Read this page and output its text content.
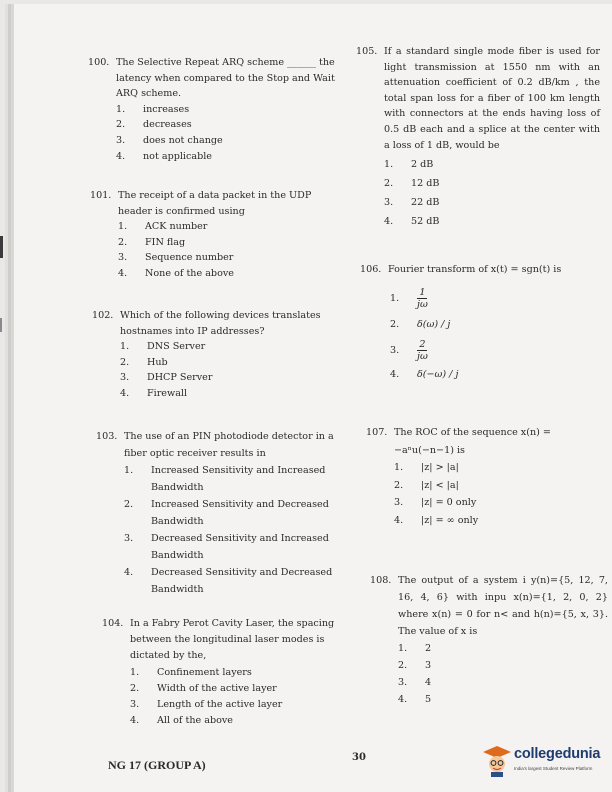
100. The Selective Repeat ARQ scheme ______ the latency when compared to the Stop and Wait ARQ scheme.
1.	increases
2.	decreases
3.	does not change
4.	not applicable
101. The receipt of a data packet in the UDP header is confirmed using
1.	ACK number
2.	FIN flag
3.	Sequence number
4.	None of the above
102. Which of the following devices translates hostnames into IP addresses?
1.	DNS Server
2.	Hub
3.	DHCP Server
4.	Firewall
103. The use of an PIN photodiode detector in a fiber optic receiver results in
1.	Increased Sensitivity and Increased Bandwidth
2.	Increased Sensitivity and Decreased Bandwidth
3.	Decreased Sensitivity and Increased Bandwidth
4.	Decreased Sensitivity and Decreased Bandwidth
104. In a Fabry Perot Cavity Laser, the spacing between the longitudinal laser modes is dictated by the,
1.	Confinement layers
2.	Width of the active layer
3.	Length of the active layer
4.	All of the above
105. If a standard single mode fiber is used for light transmission at 1550 nm with an attenuation coefficient of 0.2 dB/km , the total span loss for a fiber of 100 km length with connectors at the ends having loss of 0.5 dB each and a splice at the center with a loss of 1 dB, would be
1.	2 dB
2.	12 dB
3.	22 dB
4.	52 dB
106. Fourier transform of x(t) = sgn(t) is
1.	$\frac{1}{j\omega}$
2.	δ(ω) / j
3.	$\frac{2}{j\omega}$
4.	δ(−ω) / j
107. The ROC of the sequence x(n) = −aⁿu(−n−1) is
1.	|z| > |a|
2.	|z| < |a|
3.	|z| = 0 only
4.	|z| = ∞ only
108. The output of a system i y(n)={5, 12, 7, 16, 4, 6} with inpu x(n)={1, 2, 0, 2} where x(n) = 0 for n< and h(n)={5, x, 3}. The value of x is
1.	2
2.	3
3.	4
4.	5
NG 17 (GROUP A)
30	collegedunia
India's largest Student Review Platform
